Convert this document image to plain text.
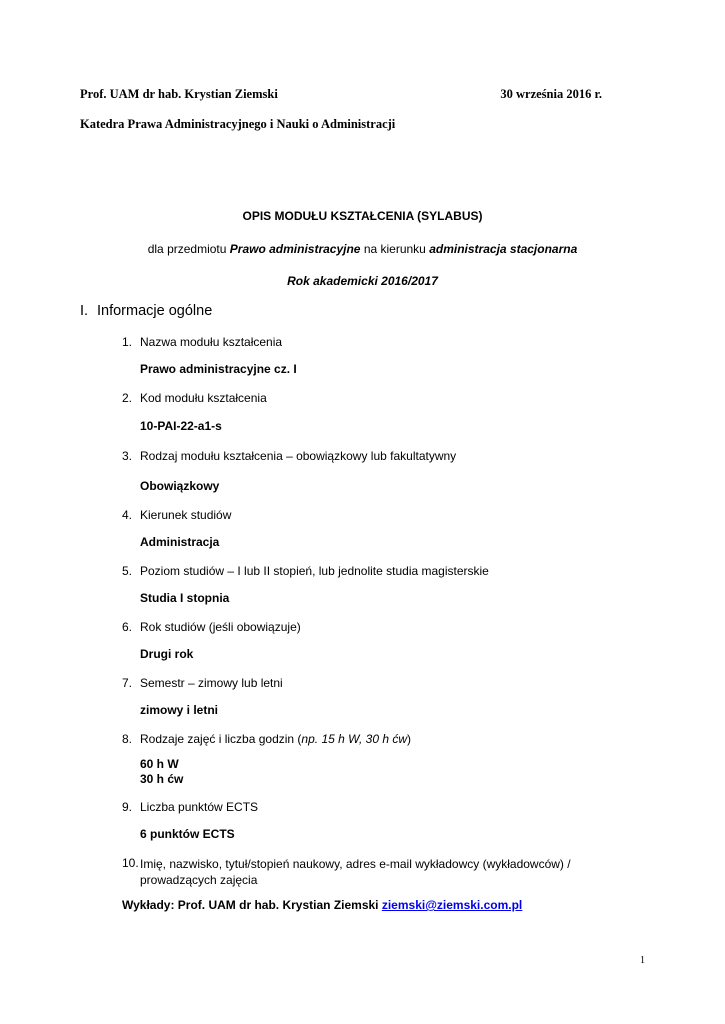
Prof. UAM dr hab. Krystian Ziemski	30 września 2016 r.
Katedra Prawa Administracyjnego i Nauki o Administracji
OPIS MODUŁU KSZTAŁCENIA (SYLABUS)
dla przedmiotu Prawo administracyjne na kierunku administracja stacjonarna
Rok akademicki 2016/2017
I. Informacje ogólne
1. Nazwa modułu kształcenia
Prawo administracyjne cz. I
2. Kod modułu kształcenia
10-PAI-22-a1-s
3. Rodzaj modułu kształcenia – obowiązkowy lub fakultatywny
Obowiązkowy
4. Kierunek studiów
Administracja
5. Poziom studiów – I lub II stopień, lub jednolite studia magisterskie
Studia I stopnia
6. Rok studiów (jeśli obowiązuje)
Drugi rok
7. Semestr – zimowy lub letni
zimowy i letni
8. Rodzaje zajęć i liczba godzin (np. 15 h W, 30 h ćw)
60 h W
30 h ćw
9. Liczba punktów ECTS
6 punktów ECTS
10. Imię, nazwisko, tytuł/stopień naukowy, adres e-mail wykładowcy (wykładowców) / prowadzących zajęcia
Wykłady: Prof. UAM dr hab. Krystian Ziemski ziemski@ziemski.com.pl
1
